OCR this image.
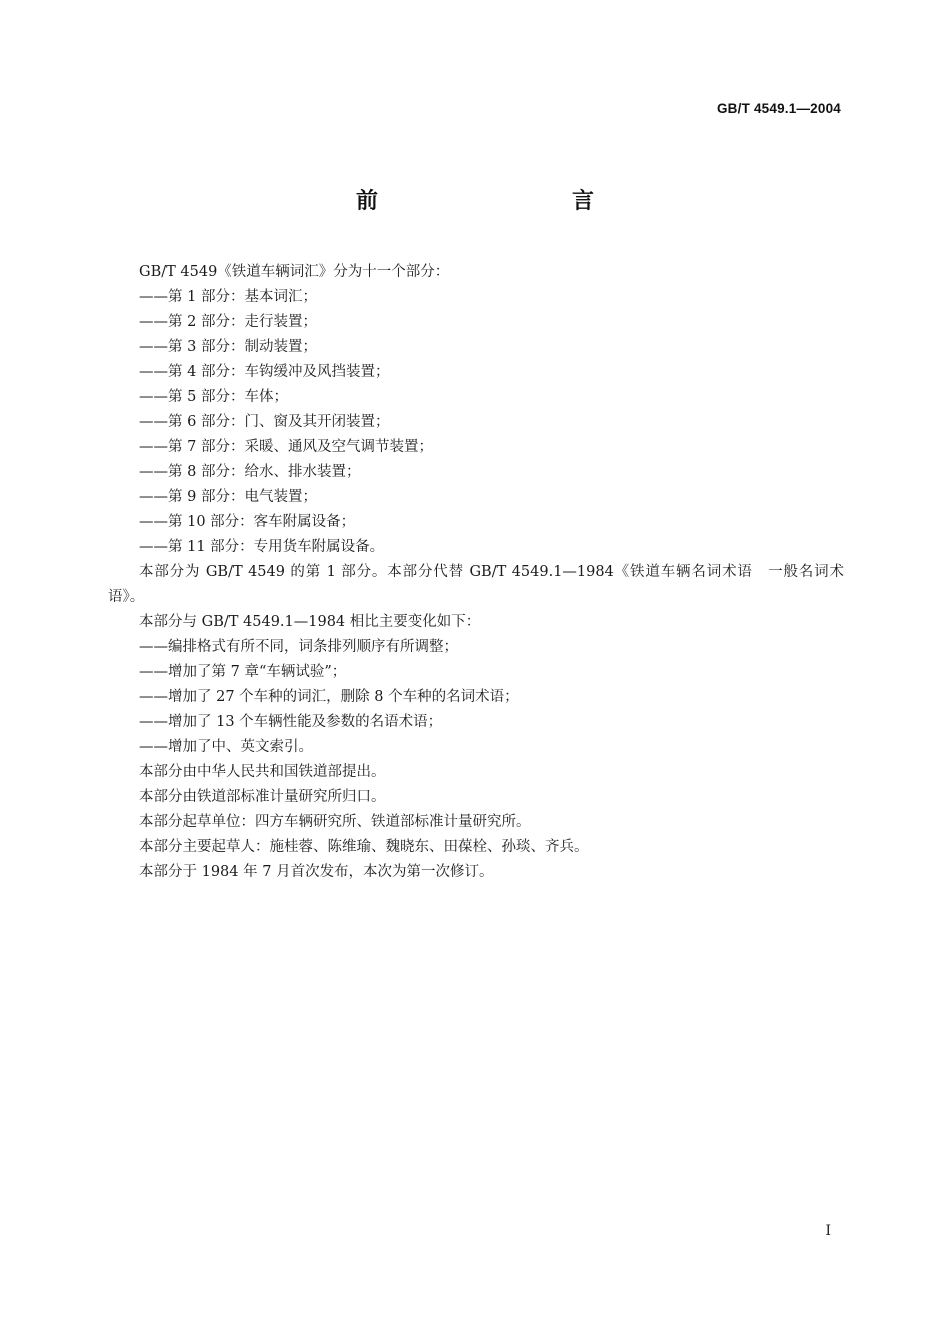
GB/T 4549.1—2004
前　　言

GB/T 4549《铁道车辆词汇》分为十一个部分：

——第 1 部分：基本词汇；

——第 2 部分：走行装置；

——第 3 部分：制动装置；

——第 4 部分：车钩缓冲及风挡装置；

——第 5 部分：车体；

——第 6 部分：门、窗及其开闭装置；

——第 7 部分：采暖、通风及空气调节装置；

——第 8 部分：给水、排水装置；

——第 9 部分：电气装置；

——第 10 部分：客车附属设备；

——第 11 部分：专用货车附属设备。

本部分为 GB/T 4549 的第 1 部分。本部分代替 GB/T 4549.1—1984《铁道车辆名词术语　一般名词术语》。

本部分与 GB/T 4549.1—1984 相比主要变化如下：

——编排格式有所不同，词条排列顺序有所调整；

——增加了第 7 章“车辆试验”；

——增加了 27 个车种的词汇，删除 8 个车种的名词术语；

——增加了 13 个车辆性能及参数的名语术语；

——增加了中、英文索引。

本部分由中华人民共和国铁道部提出。

本部分由铁道部标准计量研究所归口。

本部分起草单位：四方车辆研究所、铁道部标准计量研究所。

本部分主要起草人：施桂蓉、陈维瑜、魏晓东、田葆栓、孙琰、齐兵。

本部分于 1984 年 7 月首次发布，本次为第一次修订。

I
